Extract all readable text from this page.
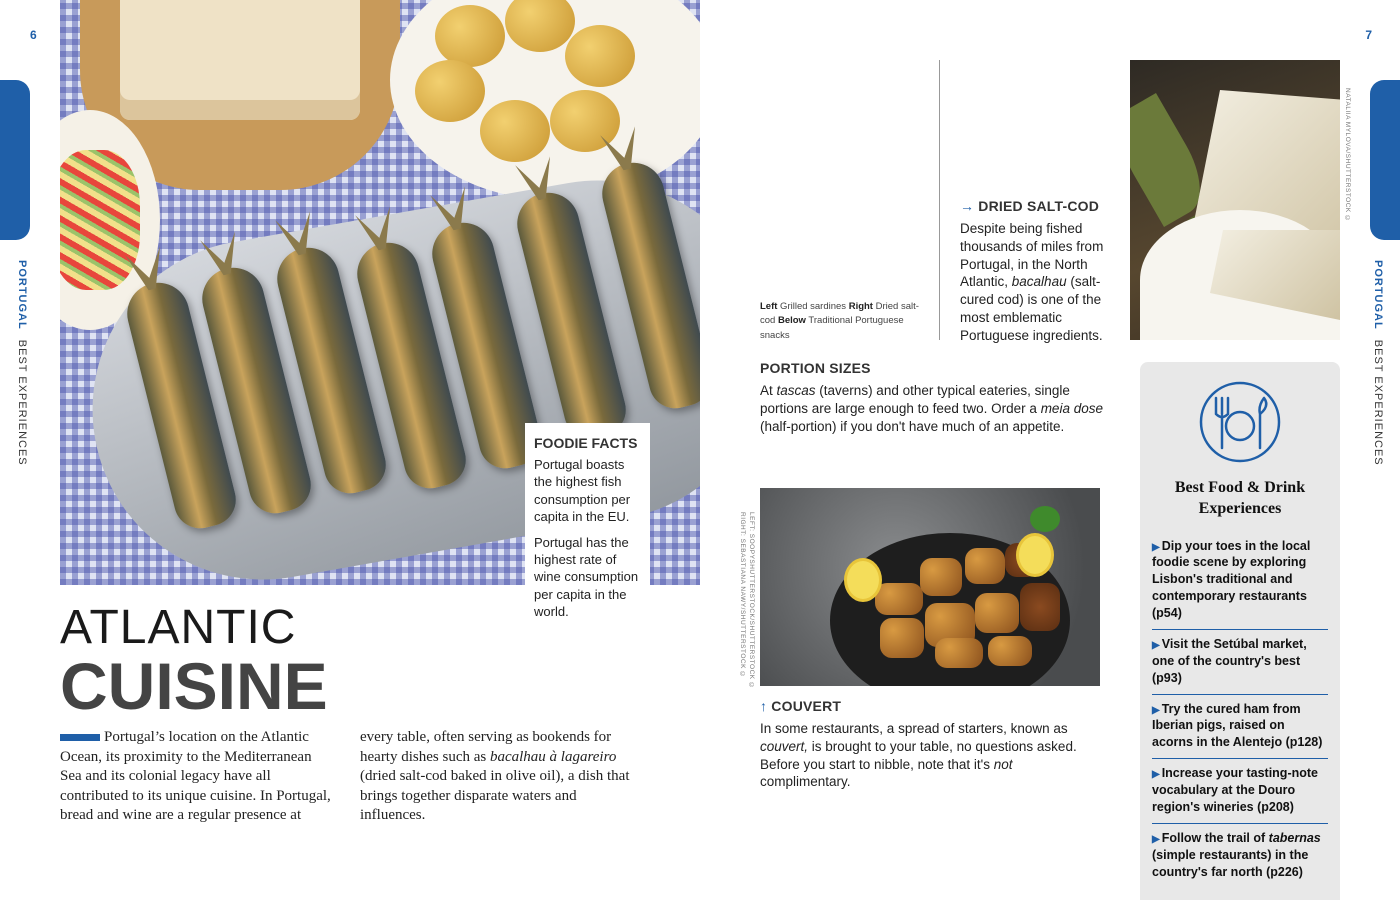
6
PORTUGAL BEST EXPERIENCES
7
PORTUGAL BEST EXPERIENCES
FOODIE FACTS

Portugal boasts the highest fish consumption per capita in the EU.

Portugal has the highest rate of wine consumption per capita in the world.

ATLANTIC
CUISINE
Portugal’s location on the Atlantic Ocean, its proximity to the Mediterranean Sea and its colonial legacy have all contributed to its unique cuisine. In Portugal, bread and wine are a regular presence at
every table, often serving as bookends for hearty dishes such as bacalhau à lagareiro (dried salt-cod baked in olive oil), a dish that brings together disparate waters and influences.
Left Grilled sardines Right Dried salt-cod Below Traditional Portuguese snacks
→ DRIED SALT-COD
Despite being fished thousands of miles from Portugal, in the North Atlantic, bacalhau (salt-cured cod) is one of the most emblematic Portuguese ingredients.
NATALIIA MYLOVA/SHUTTERSTOCK ©
PORTION SIZES
At tascas (taverns) and other typical eateries, single portions are large enough to feed two. Order a meia dose (half-portion) if you don't have much of an appetite.
RIGHT: SEBASTIANA NAWY/SHUTTERSTOCK © LEFT: SOOPYSHUTTERSTOCK/SHUTTERSTOCK ©
↑ COUVERT
In some restaurants, a spread of starters, known as couvert, is brought to your table, no questions asked. Before you start to nibble, note that it's not complimentary.
Best Food & Drink Experiences
▶ Dip your toes in the local foodie scene by exploring Lisbon's traditional and contemporary restaurants (p54)
▶ Visit the Setúbal market, one of the country's best (p93)
▶ Try the cured ham from Iberian pigs, raised on acorns in the Alentejo (p128)
▶ Increase your tasting-note vocabulary at the Douro region's wineries (p208)
▶ Follow the trail of tabernas (simple restaurants) in the country's far north (p226)
